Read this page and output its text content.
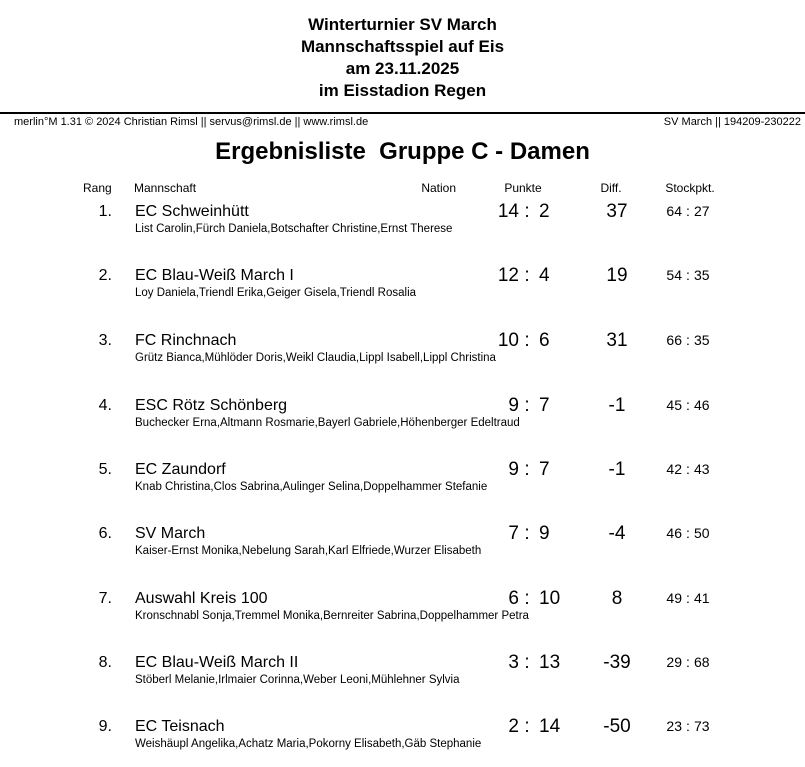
Winterturnier SV March
Mannschaftsspiel auf Eis
am 23.11.2025
im Eisstadion Regen
merlin°M 1.31 © 2024 Christian Rimsl || servus@rimsl.de || www.rimsl.de	SV March || 194209-230222
Ergebnisliste  Gruppe C - Damen
Rang Mannschaft	Nation	Punkte	Diff.	Stockpkt.
1. EC Schweinhütt
List Carolin,Fürch Daniela,Botschafter Christine,Ernst Therese
14 : 2	37	64 : 27
2. EC Blau-Weiß March I
Loy Daniela,Triendl Erika,Geiger Gisela,Triendl Rosalia
12 : 4	19	54 : 35
3. FC Rinchnach
Grütz Bianca,Mühlöder Doris,Weikl Claudia,Lippl Isabell,Lippl Christina
10 : 6	31	66 : 35
4. ESC Rötz Schönberg
Buchecker Erna,Altmann Rosmarie,Bayerl Gabriele,Höhenberger Edeltraud
9 : 7	-1	45 : 46
5. EC Zaundorf
Knab Christina,Clos Sabrina,Aulinger Selina,Doppelhammer Stefanie
9 : 7	-1	42 : 43
6. SV March
Kaiser-Ernst Monika,Nebelung Sarah,Karl Elfriede,Wurzer Elisabeth
7 : 9	-4	46 : 50
7. Auswahl Kreis 100
Kronschnabl Sonja,Tremmel Monika,Bernreiter Sabrina,Doppelhammer Petra
6 : 10	8	49 : 41
8. EC Blau-Weiß March II
Stöberl Melanie,Irlmaier Corinna,Weber Leoni,Mühlehner Sylvia
3 : 13	-39	29 : 68
9. EC Teisnach
Weishäupl Angelika,Achatz Maria,Pokorny Elisabeth,Gäb Stephanie
2 : 14	-50	23 : 73
